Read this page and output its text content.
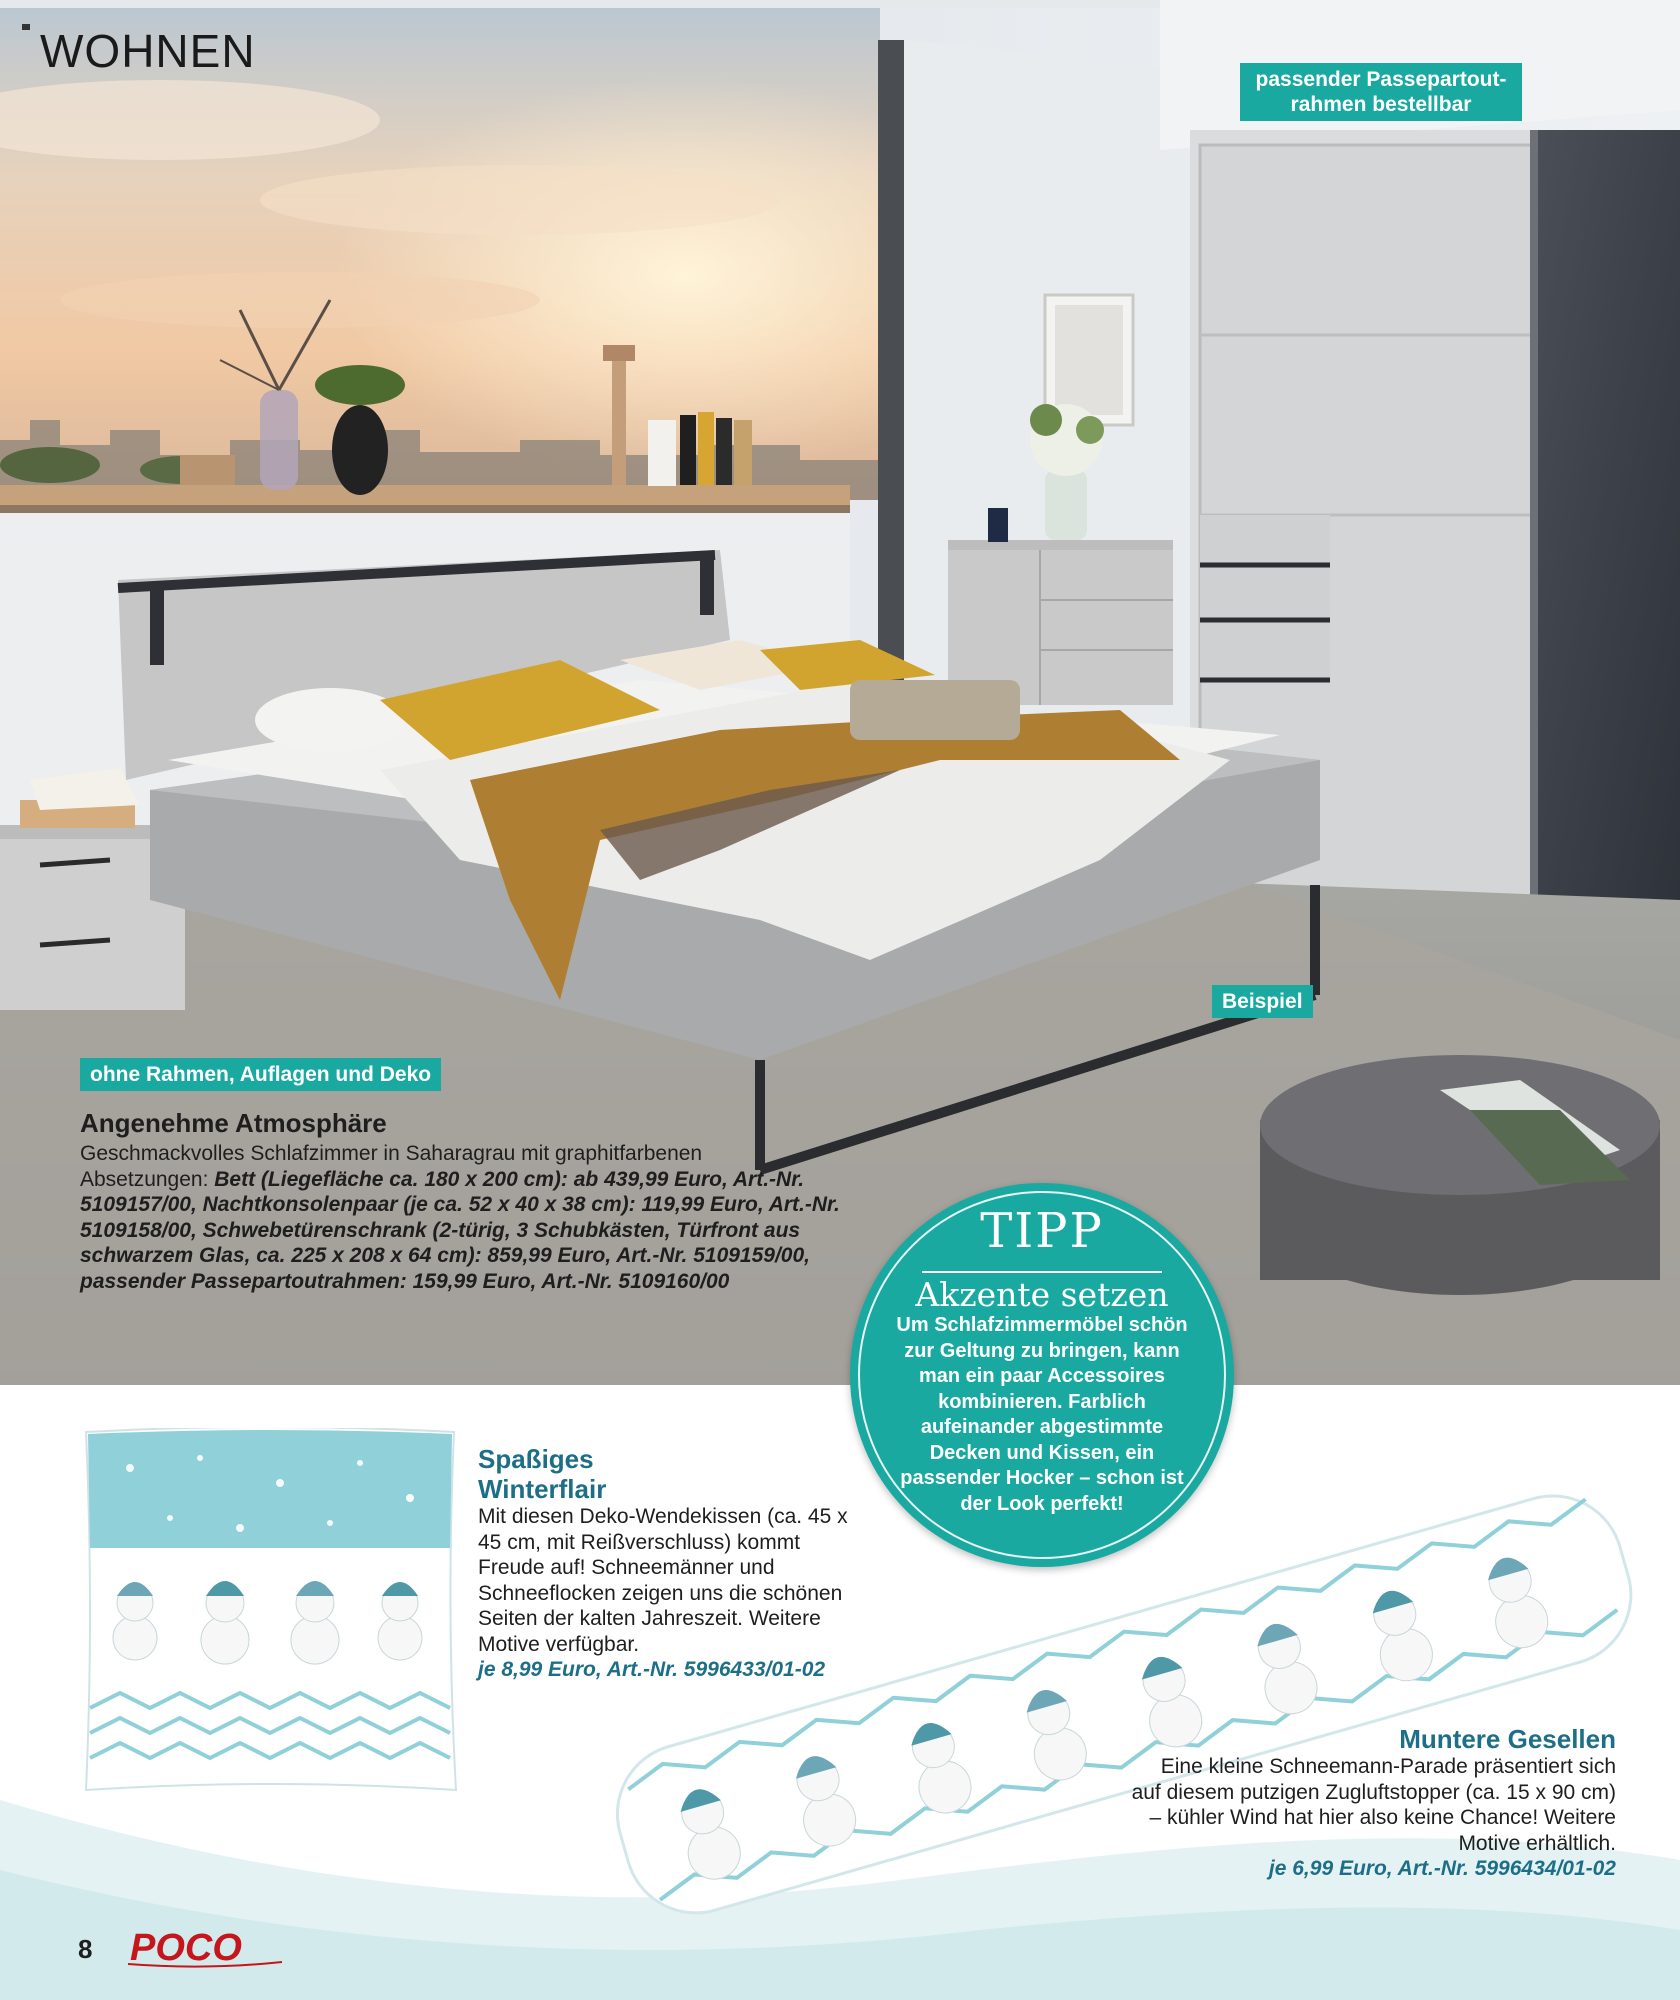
WOHNEN
passender Passepartout-
rahmen bestellbar
Beispiel
ohne Rahmen, Auflagen und Deko
Angenehme Atmosphäre

Geschmackvolles Schlafzimmer in Saharagrau mit graphitfarbenen
Absetzungen: Bett (Liegefläche ca. 180 x 200 cm): ab 439,99 Euro, Art.-Nr. 5109157/00, Nachtkonsolenpaar (je ca. 52 x 40 x 38 cm): 119,99 Euro, Art.-Nr. 5109158/00, Schwebetürenschrank (2-türig, 3 Schubkästen, Türfront aus schwarzem Glas, ca. 225 x 208 x 64 cm): 859,99 Euro, Art.-Nr. 5109159/00, passender Passepartoutrahmen: 159,99 Euro, Art.-Nr. 5109160/00

TIPP
Akzente setzen
Um Schlafzimmermöbel schön zur Geltung zu bringen, kann man ein paar Accessoires kombinieren. Farblich aufeinander abgestimmte Decken und Kissen, ein passender Hocker – schon ist der Look perfekt!
Spaßiges Winterflair

Mit diesen Deko-Wendekissen (ca. 45 x 45 cm, mit Reißverschluss) kommt Freude auf! Schneemänner und Schneeflocken zeigen uns die schönen Seiten der kalten Jahreszeit. Weitere Motive verfügbar.

je 8,99 Euro, Art.-Nr. 5996433/01-02
Muntere Gesellen

Eine kleine Schneemann-Parade präsentiert sich auf diesem putzigen Zugluftstopper (ca. 15 x 90 cm) – kühler Wind hat hier also keine Chance! Weitere Motive erhältlich.

je 6,99 Euro, Art.-Nr. 5996434/01-02
8 POCO
